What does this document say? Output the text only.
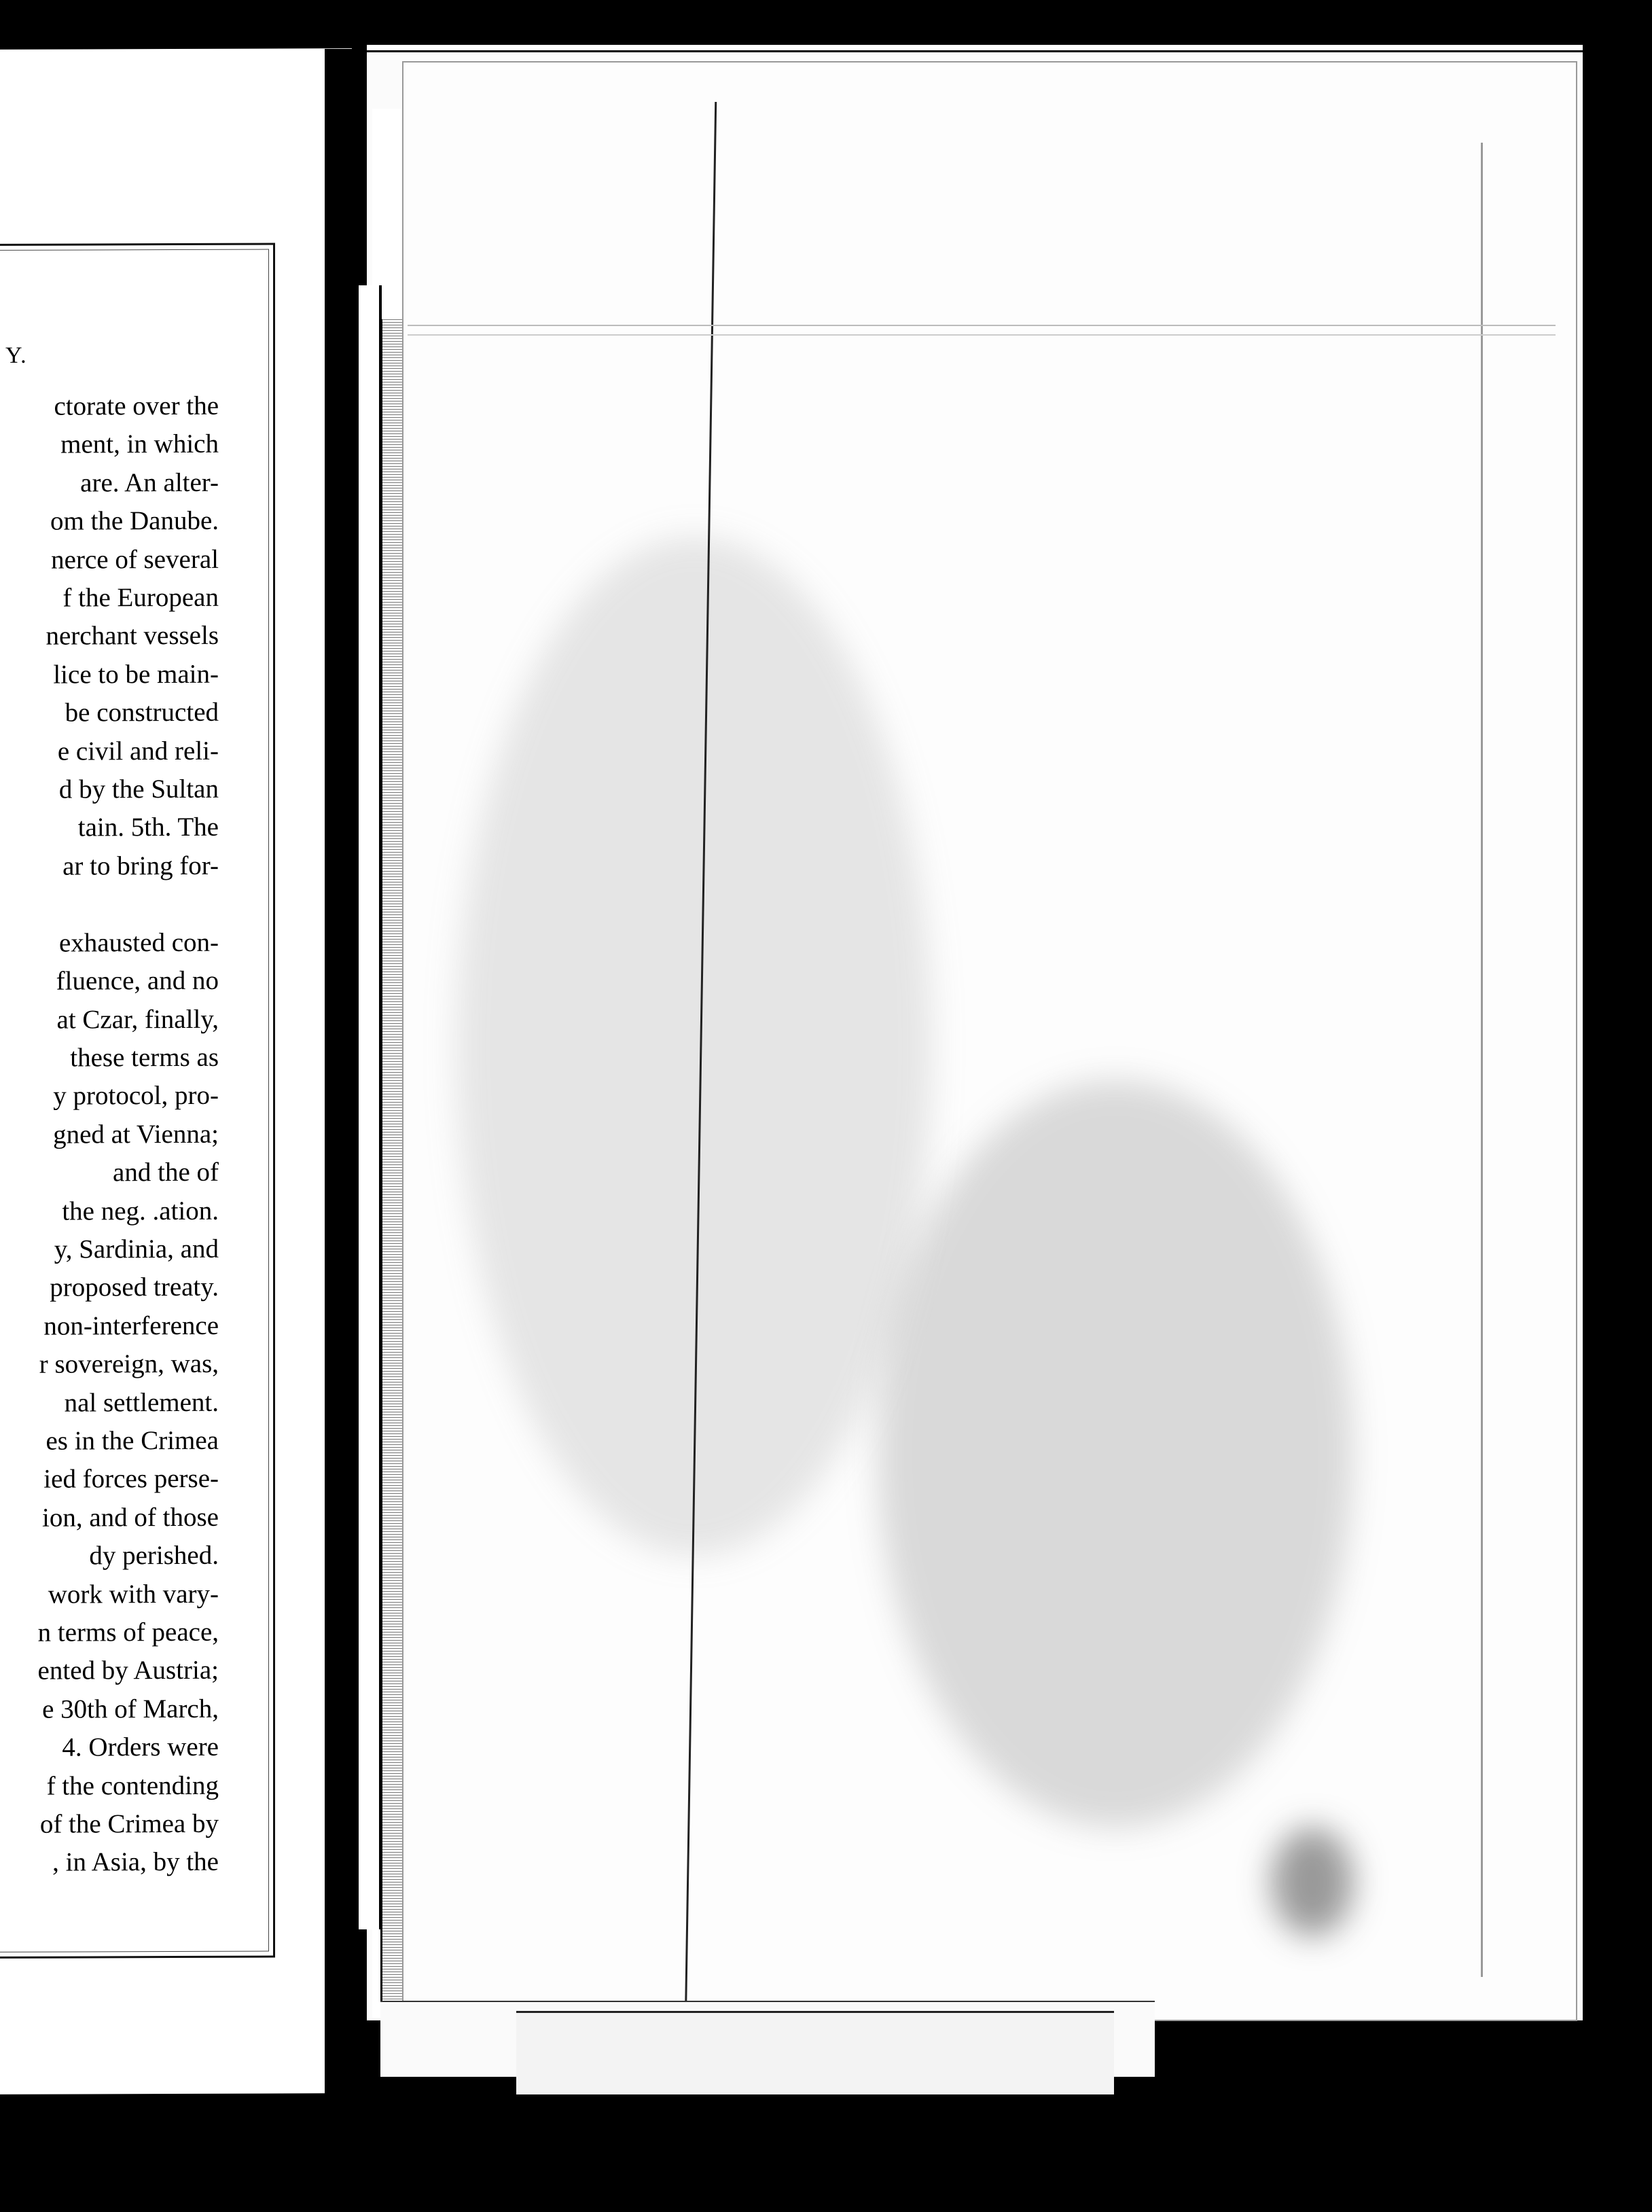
Y.
ctorate over the
ment, in which
are. An alter-
om the Danube.
nerce of several
f the European
nerchant vessels
lice to be main-
be constructed
e civil and reli-
d by the Sultan
tain. 5th. The
ar to bring for-

exhausted con-
fluence, and no
at Czar, finally,
these terms as
y protocol, pro-
gned at Vienna;
and the of
the neg. .ation.
y, Sardinia, and
proposed treaty.
non-interference
r sovereign, was,
nal settlement.
es in the Crimea
ied forces perse-
ion, and of those
dy perished.
work with vary-
n terms of peace,
ented by Austria;
e 30th of March,
4. Orders were
f the contending
of the Crimea by
, in Asia, by the
